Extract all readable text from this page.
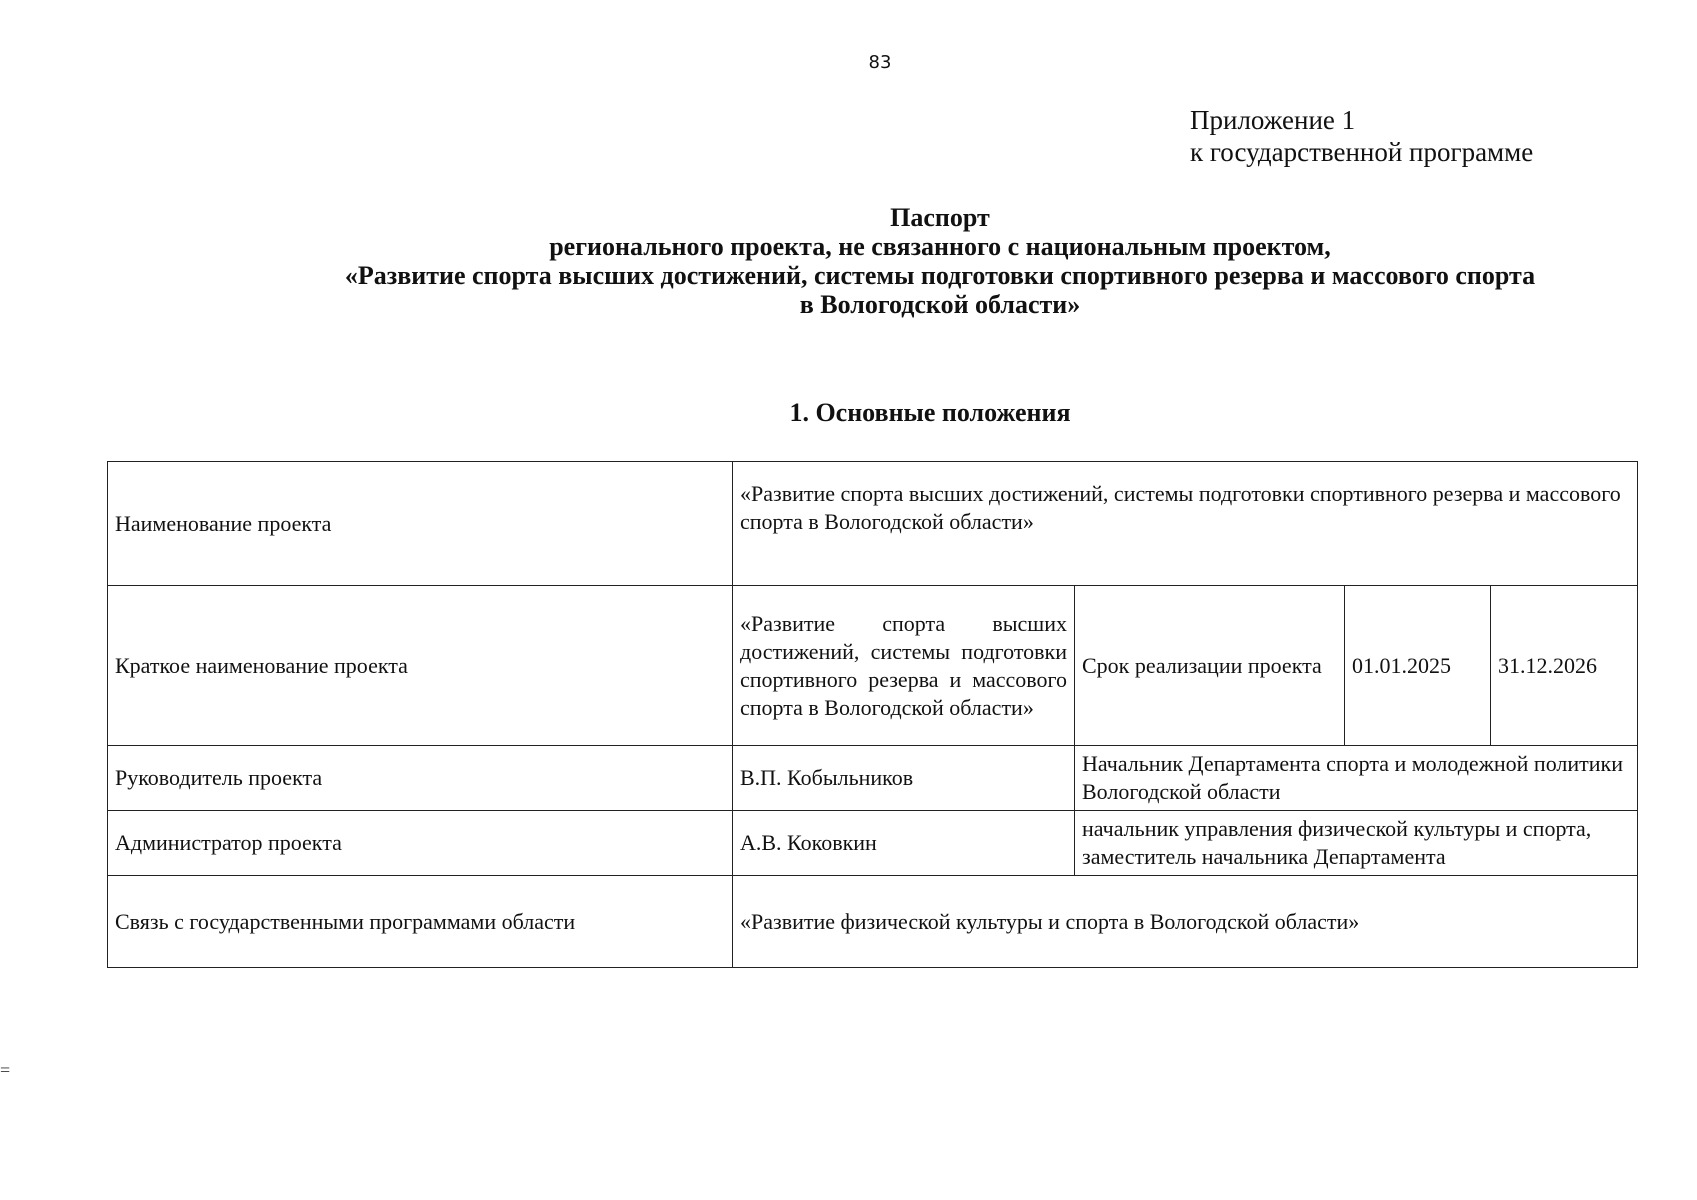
83
Приложение 1
к государственной программе
Паспорт
регионального проекта, не связанного с национальным проектом,
«Развитие спорта высших достижений, системы подготовки спортивного резерва и массового спорта
в Вологодской области»
1. Основные положения
Наименование проекта	«Развитие спорта высших достижений, системы подготовки спортивного резерва и массового спорта в Вологодской области»			
Краткое наименование проекта	«Развитие спорта высших достижений, системы подготовки спортивного резерва и массового спорта в Вологодской области»	Срок реализации проекта	01.01.2025	31.12.2026
Руководитель проекта	В.П. Кобыльников	Начальник Департамента спорта и молодежной политики Вологодской области		
Администратор проекта	А.В. Коковкин	начальник управления физической культуры и спорта, заместитель начальника Департамента		
Связь с государственными программами области	«Развитие физической культуры и спорта в Вологодской области»			
=
